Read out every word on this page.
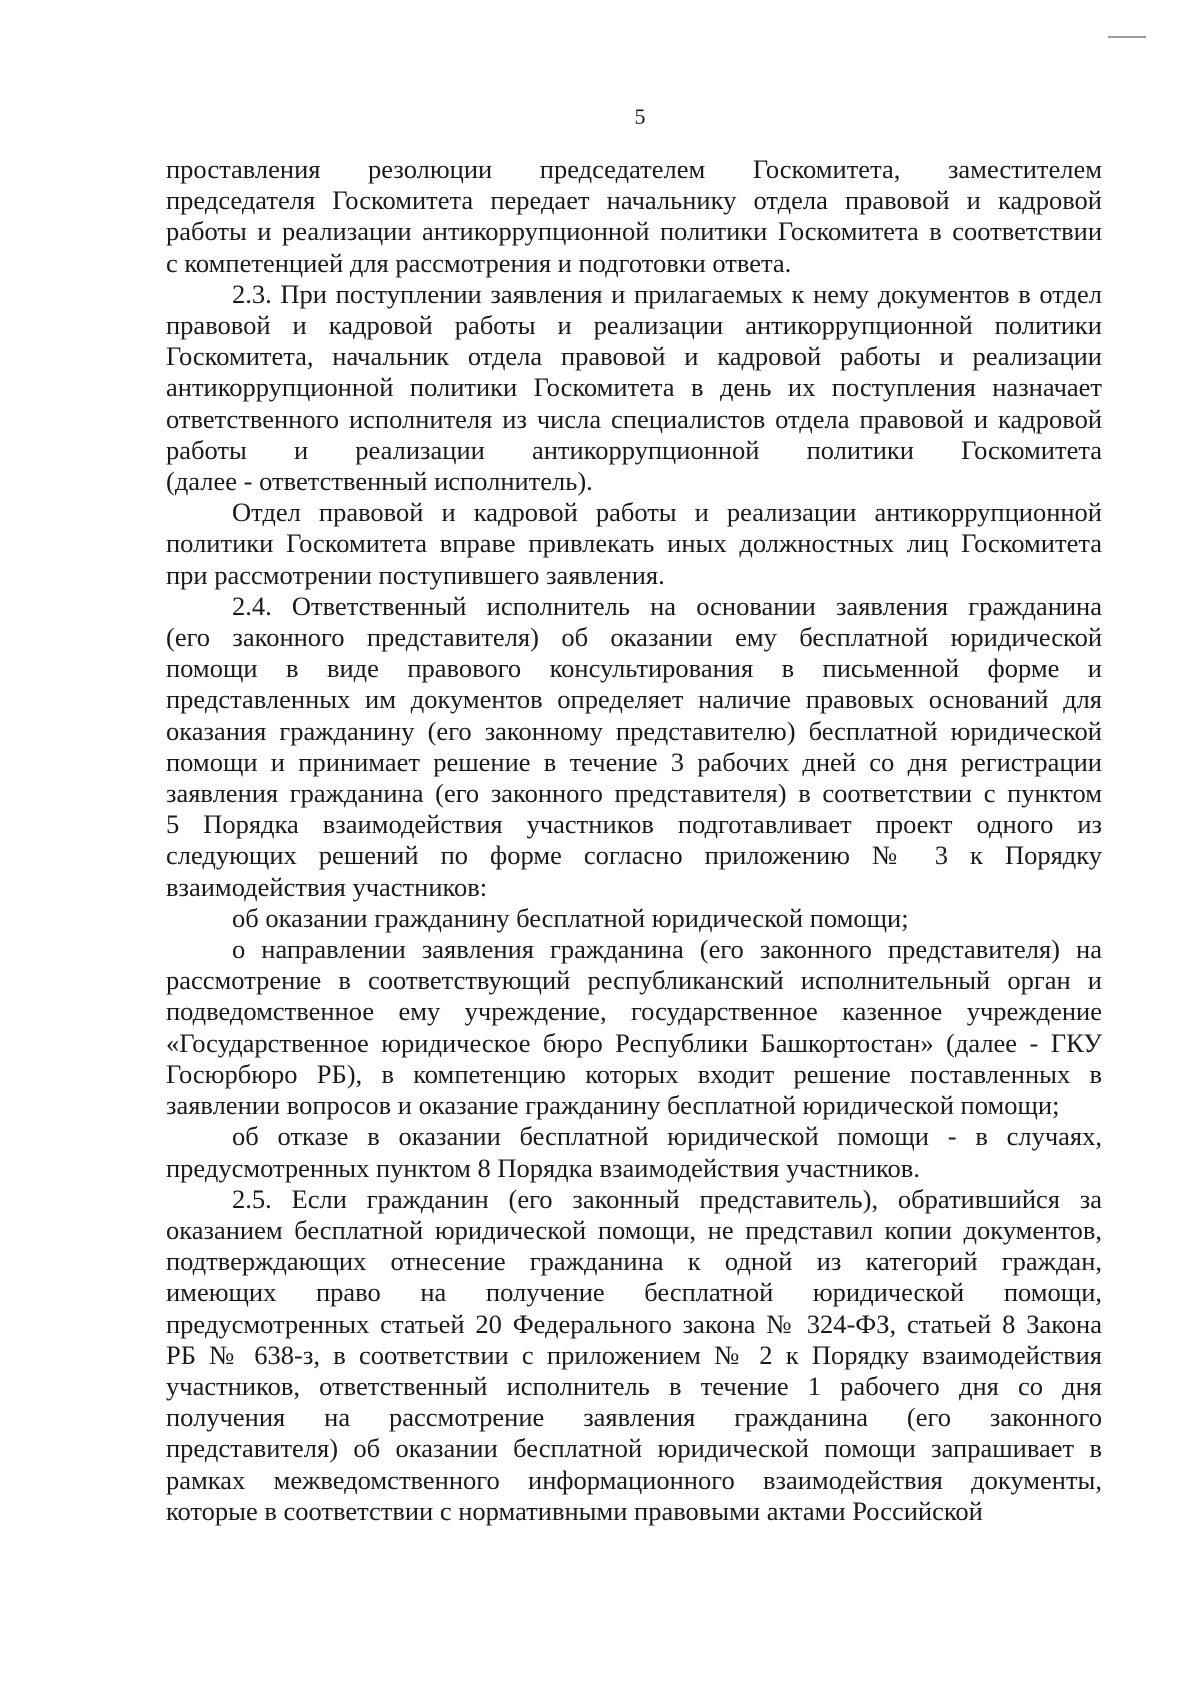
5
проставления резолюции председателем Госкомитета, заместителем
председателя Госкомитета передает начальнику отдела правовой и кадровой
работы и реализации антикоррупционной политики Госкомитета в соответствии
с компетенцией для рассмотрения и подготовки ответа.
2.3. При поступлении заявления и прилагаемых к нему документов в отдел
правовой и кадровой работы и реализации антикоррупционной политики
Госкомитета, начальник отдела правовой и кадровой работы и реализации
антикоррупционной политики Госкомитета в день их поступления назначает
ответственного исполнителя из числа специалистов отдела правовой и кадровой
работы и реализации антикоррупционной политики Госкомитета
(далее - ответственный исполнитель).
Отдел правовой и кадровой работы и реализации антикоррупционной
политики Госкомитета вправе привлекать иных должностных лиц Госкомитета
при рассмотрении поступившего заявления.
2.4. Ответственный исполнитель на основании заявления гражданина
(его законного представителя) об оказании ему бесплатной юридической
помощи в виде правового консультирования в письменной форме и
представленных им документов определяет наличие правовых оснований для
оказания гражданину (его законному представителю) бесплатной юридической
помощи и принимает решение в течение 3 рабочих дней со дня регистрации
заявления гражданина (его законного представителя) в соответствии с пунктом
5 Порядка взаимодействия участников подготавливает проект одного из
следующих решений по форме согласно приложению № 3 к Порядку
взаимодействия участников:
об оказании гражданину бесплатной юридической помощи;
о направлении заявления гражданина (его законного представителя) на
рассмотрение в соответствующий республиканский исполнительный орган и
подведомственное ему учреждение, государственное казенное учреждение
«Государственное юридическое бюро Республики Башкортостан» (далее - ГКУ
Госюрбюро РБ), в компетенцию которых входит решение поставленных в
заявлении вопросов и оказание гражданину бесплатной юридической помощи;
об отказе в оказании бесплатной юридической помощи - в случаях,
предусмотренных пунктом 8 Порядка взаимодействия участников.
2.5. Если гражданин (его законный представитель), обратившийся за
оказанием бесплатной юридической помощи, не представил копии документов,
подтверждающих отнесение гражданина к одной из категорий граждан,
имеющих право на получение бесплатной юридической помощи,
предусмотренных статьей 20 Федерального закона № 324-ФЗ, статьей 8 Закона
РБ № 638-з, в соответствии с приложением № 2 к Порядку взаимодействия
участников, ответственный исполнитель в течение 1 рабочего дня со дня
получения на рассмотрение заявления гражданина (его законного
представителя) об оказании бесплатной юридической помощи запрашивает в
рамках межведомственного информационного взаимодействия документы,
которые в соответствии с нормативными правовыми актами Российской
